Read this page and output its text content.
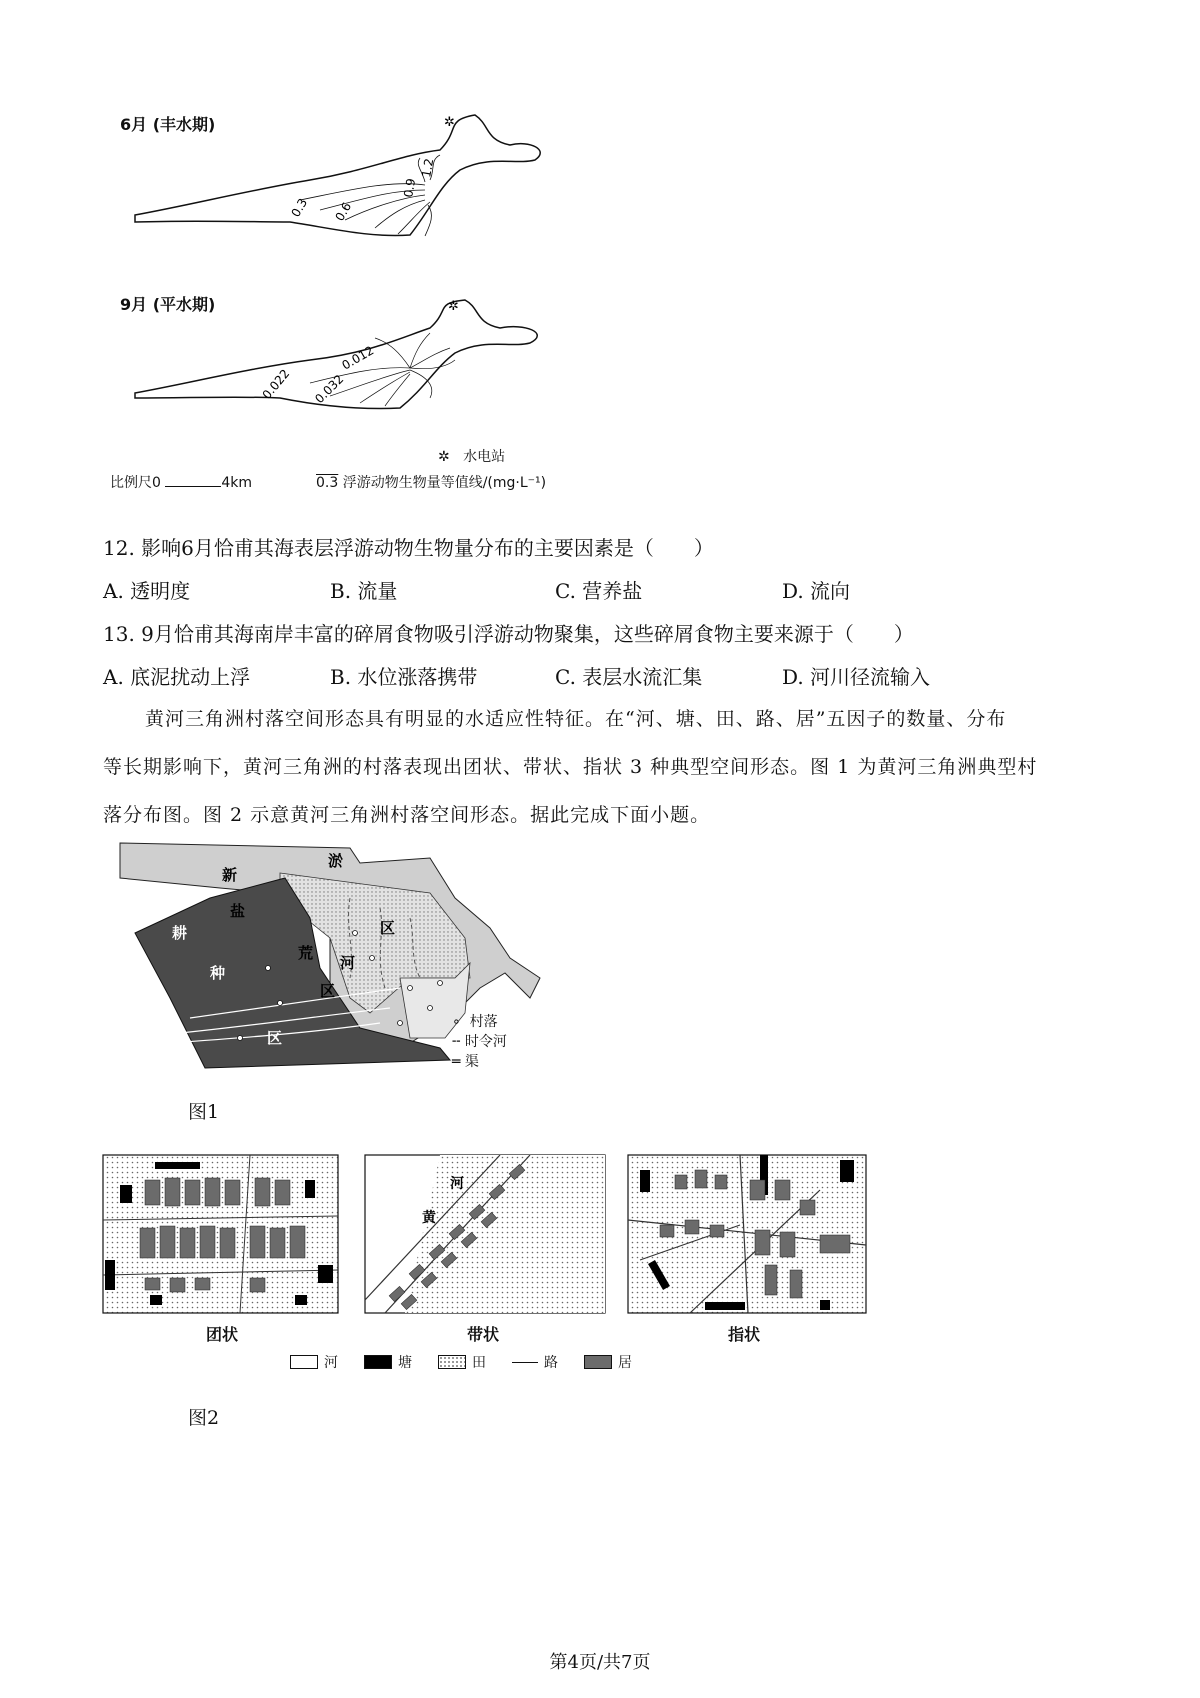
6月 (丰水期)
0.3 0.6
0.9
1.2
✲
9月 (平水期)
0.022 0.032
0.012
✲
✲   水电站
比例尺0	4km	0.3 浮游动物生物量等值线/(mg·L⁻¹)
12. 影响6月恰甫其海表层浮游动物生物量分布的主要因素是（　　）
A. 透明度	B. 流量	C. 营养盐	D. 流向
13. 9月恰甫其海南岸丰富的碎屑食物吸引浮游动物聚集，这些碎屑食物主要来源于（　　）
A. 底泥扰动上浮	B. 水位涨落携带	C. 表层水流汇集	D. 河川径流输入
黄河三角洲村落空间形态具有明显的水适应性特征。在“河、塘、田、路、居”五因子的数量、分布
等长期影响下，黄河三角洲的村落表现出团状、带状、指状 3 种典型空间形态。图 1 为黄河三角洲典型村
落分布图。图 2 示意黄河三角洲村落空间形态。据此完成下面小题。
新
淤
盐
荒
区
河
耕
种
区
区
∘  村落
╌ 时令河
═ 渠
图1
黄
河
团状	带状	指状
河	塘	田	路	居
图2
第4页/共7页
